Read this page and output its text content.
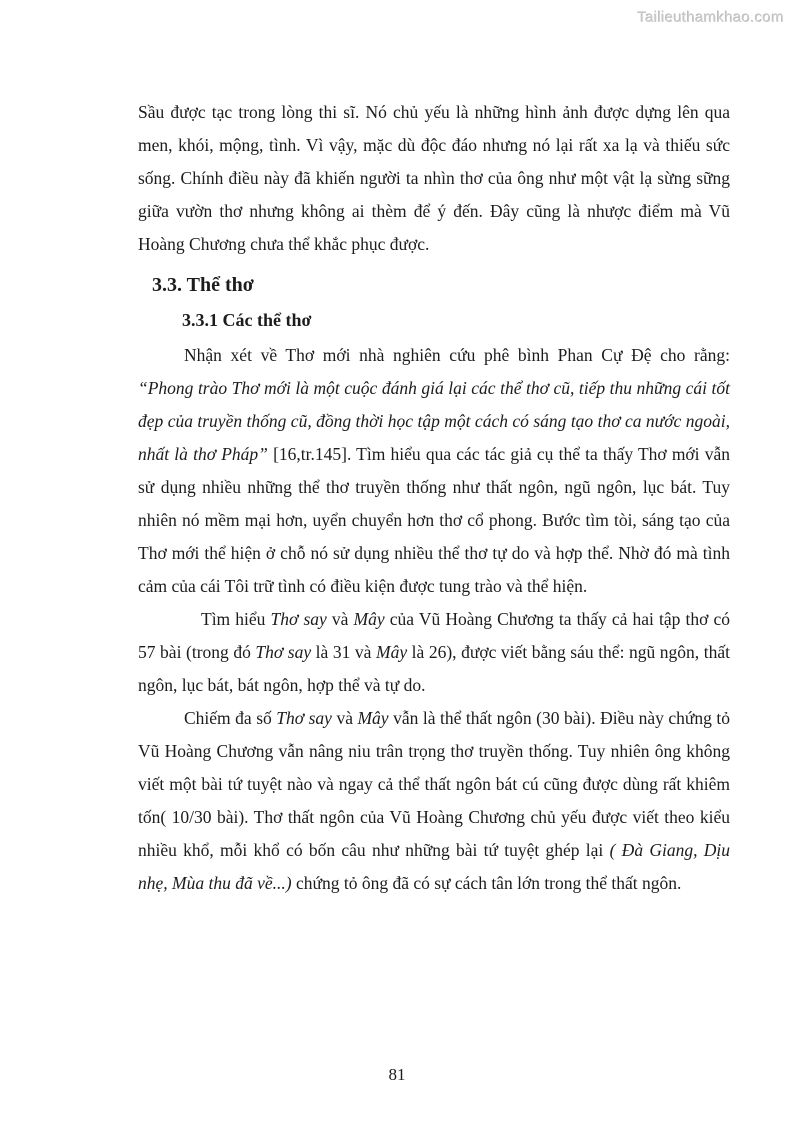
Tailieuthamkhao.com

Sầu được tạc trong lòng thi sĩ. Nó chủ yếu là những hình ảnh được dựng lên qua men, khói, mộng, tình. Vì vậy, mặc dù độc đáo nhưng nó lại rất xa lạ và thiếu sức sống. Chính điều này đã khiến người ta nhìn thơ của ông như một vật lạ sừng sững giữa vườn thơ nhưng không ai thèm để ý đến. Đây cũng là nhược điểm mà Vũ Hoàng Chương chưa thể khắc phục được.

3.3. Thể thơ
3.3.1 Các thể thơ

Nhận xét về Thơ mới nhà nghiên cứu phê bình Phan Cự Đệ cho rằng: “Phong trào Thơ mới là một cuộc đánh giá lại các thể thơ cũ, tiếp thu những cái tốt đẹp của truyền thống cũ, đồng thời học tập một cách có sáng tạo thơ ca nước ngoài, nhất là thơ Pháp” [16,tr.145]. Tìm hiểu qua các tác giả cụ thể ta thấy Thơ mới vẫn sử dụng nhiều những thể thơ truyền thống như thất ngôn, ngũ ngôn, lục bát. Tuy nhiên nó mềm mại hơn, uyển chuyển hơn thơ cổ phong. Bước tìm tòi, sáng tạo của Thơ mới thể hiện ở chỗ nó sử dụng nhiều thể thơ tự do và hợp thể. Nhờ đó mà tình cảm của cái Tôi trữ tình có điều kiện được tung trào và thể hiện.

Tìm hiểu Thơ say và Mây của Vũ Hoàng Chương ta thấy cả hai tập thơ có 57 bài (trong đó Thơ say là 31 và Mây là 26), được viết bằng sáu thể: ngũ ngôn, thất ngôn, lục bát, bát ngôn, hợp thể và tự do.

Chiếm đa số Thơ say và Mây vẫn là thể thất ngôn (30 bài). Điều này chứng tỏ Vũ Hoàng Chương vẫn nâng niu trân trọng thơ truyền thống. Tuy nhiên ông không viết một bài tứ tuyệt nào và ngay cả thể thất ngôn bát cú cũng được dùng rất khiêm tốn( 10/30 bài). Thơ thất ngôn của Vũ Hoàng Chương chủ yếu được viết theo kiểu nhiều khổ, mỗi khổ có bốn câu như những bài tứ tuyệt ghép lại ( Đà Giang, Dịu nhẹ, Mùa thu đã về...) chứng tỏ ông đã có sự cách tân lớn trong thể thất ngôn.

81
